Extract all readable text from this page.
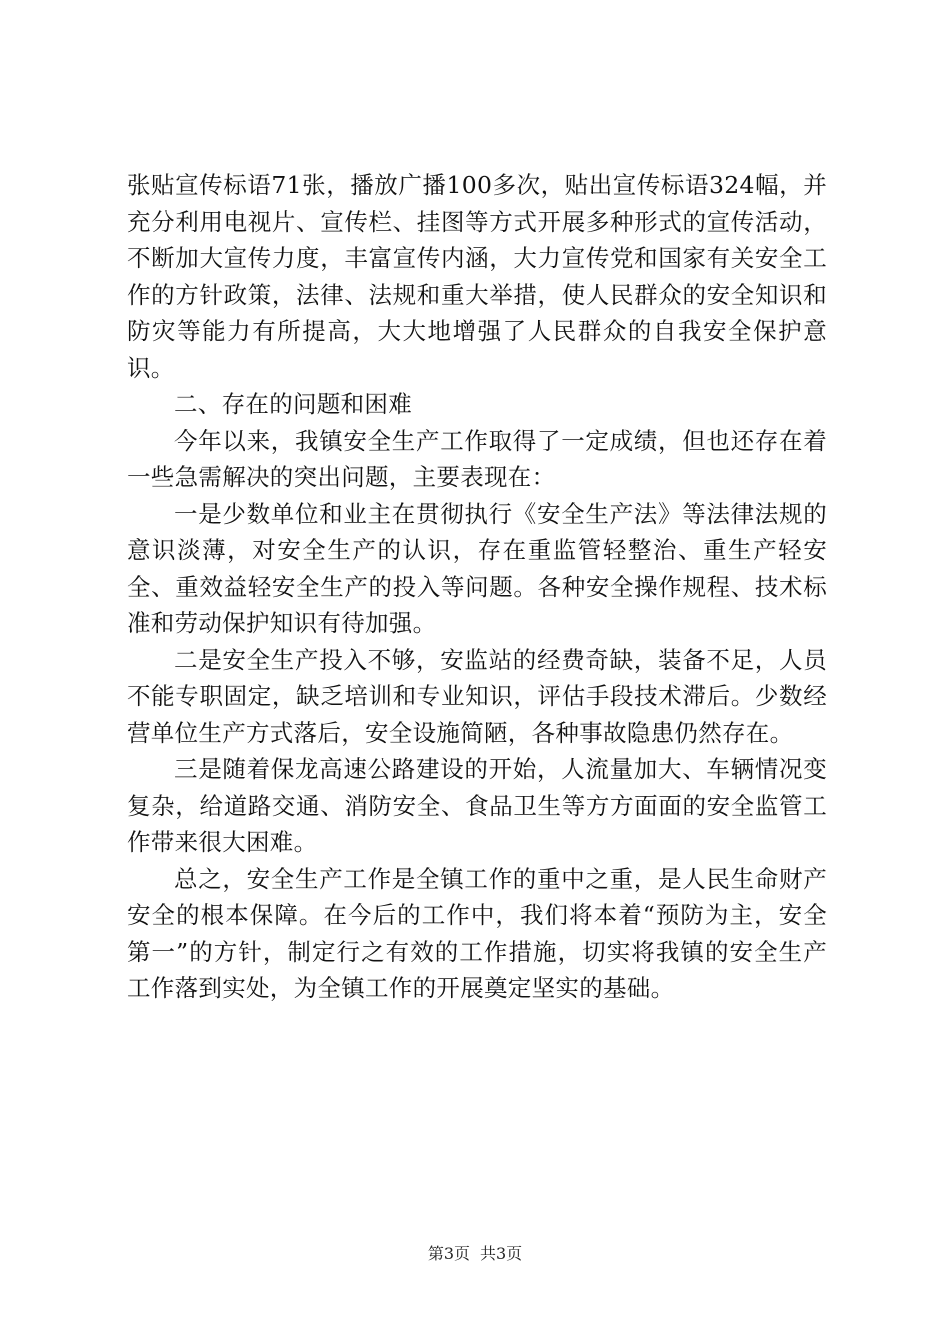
张贴宣传标语71张，播放广播100多次，贴出宣传标语324幅，并充分利用电视片、宣传栏、挂图等方式开展多种形式的宣传活动，不断加大宣传力度，丰富宣传内涵，大力宣传党和国家有关安全工作的方针政策，法律、法规和重大举措，使人民群众的安全知识和防灾等能力有所提高，大大地增强了人民群众的自我安全保护意识。

二、存在的问题和困难

今年以来，我镇安全生产工作取得了一定成绩，但也还存在着一些急需解决的突出问题，主要表现在：

一是少数单位和业主在贯彻执行《安全生产法》等法律法规的意识淡薄，对安全生产的认识，存在重监管轻整治、重生产轻安全、重效益轻安全生产的投入等问题。各种安全操作规程、技术标准和劳动保护知识有待加强。

二是安全生产投入不够，安监站的经费奇缺，装备不足，人员不能专职固定，缺乏培训和专业知识，评估手段技术滞后。少数经营单位生产方式落后，安全设施简陋，各种事故隐患仍然存在。

三是随着保龙高速公路建设的开始，人流量加大、车辆情况变复杂，给道路交通、消防安全、食品卫生等方方面面的安全监管工作带来很大困难。

总之，安全生产工作是全镇工作的重中之重，是人民生命财产安全的根本保障。在今后的工作中，我们将本着“预防为主，安全第一”的方针，制定行之有效的工作措施，切实将我镇的安全生产工作落到实处，为全镇工作的开展奠定坚实的基础。

第3页 共3页
